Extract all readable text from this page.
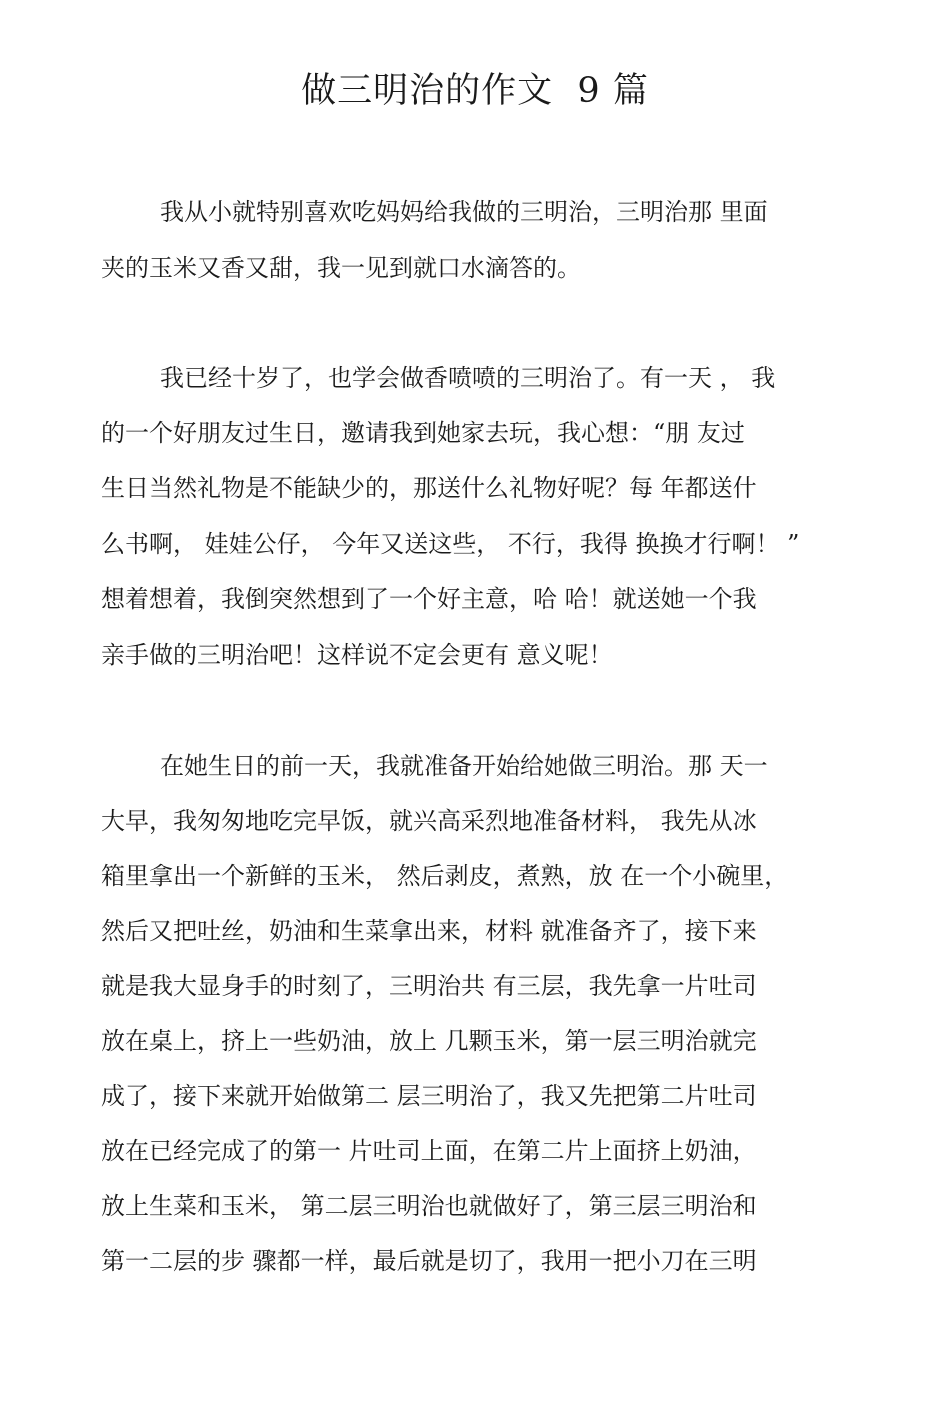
做三明治的作文  9 篇

我从小就特别喜欢吃妈妈给我做的三明治，三明治那 里面

夹的玉米又香又甜，我一见到就口水滴答的。

我已经十岁了，也学会做香喷喷的三明治了。有一天 ， 我

的一个好朋友过生日，邀请我到她家去玩，我心想：“朋 友过

生日当然礼物是不能缺少的，那送什么礼物好呢？每 年都送什

么书啊， 娃娃公仔， 今年又送这些， 不行，我得 换换才行啊！ ”

想着想着，我倒突然想到了一个好主意，哈 哈！就送她一个我

亲手做的三明治吧！这样说不定会更有 意义呢！

在她生日的前一天，我就准备开始给她做三明治。那 天一

大早，我匆匆地吃完早饭，就兴高采烈地准备材料， 我先从冰

箱里拿出一个新鲜的玉米， 然后剥皮，煮熟，放 在一个小碗里，

然后又把吐丝，奶油和生菜拿出来，材料 就准备齐了，接下来

就是我大显身手的时刻了，三明治共 有三层，我先拿一片吐司

放在桌上，挤上一些奶油，放上 几颗玉米，第一层三明治就完

成了，接下来就开始做第二 层三明治了，我又先把第二片吐司

放在已经完成了的第一 片吐司上面，在第二片上面挤上奶油，

放上生菜和玉米， 第二层三明治也就做好了，第三层三明治和

第一二层的步 骤都一样，最后就是切了，我用一把小刀在三明
